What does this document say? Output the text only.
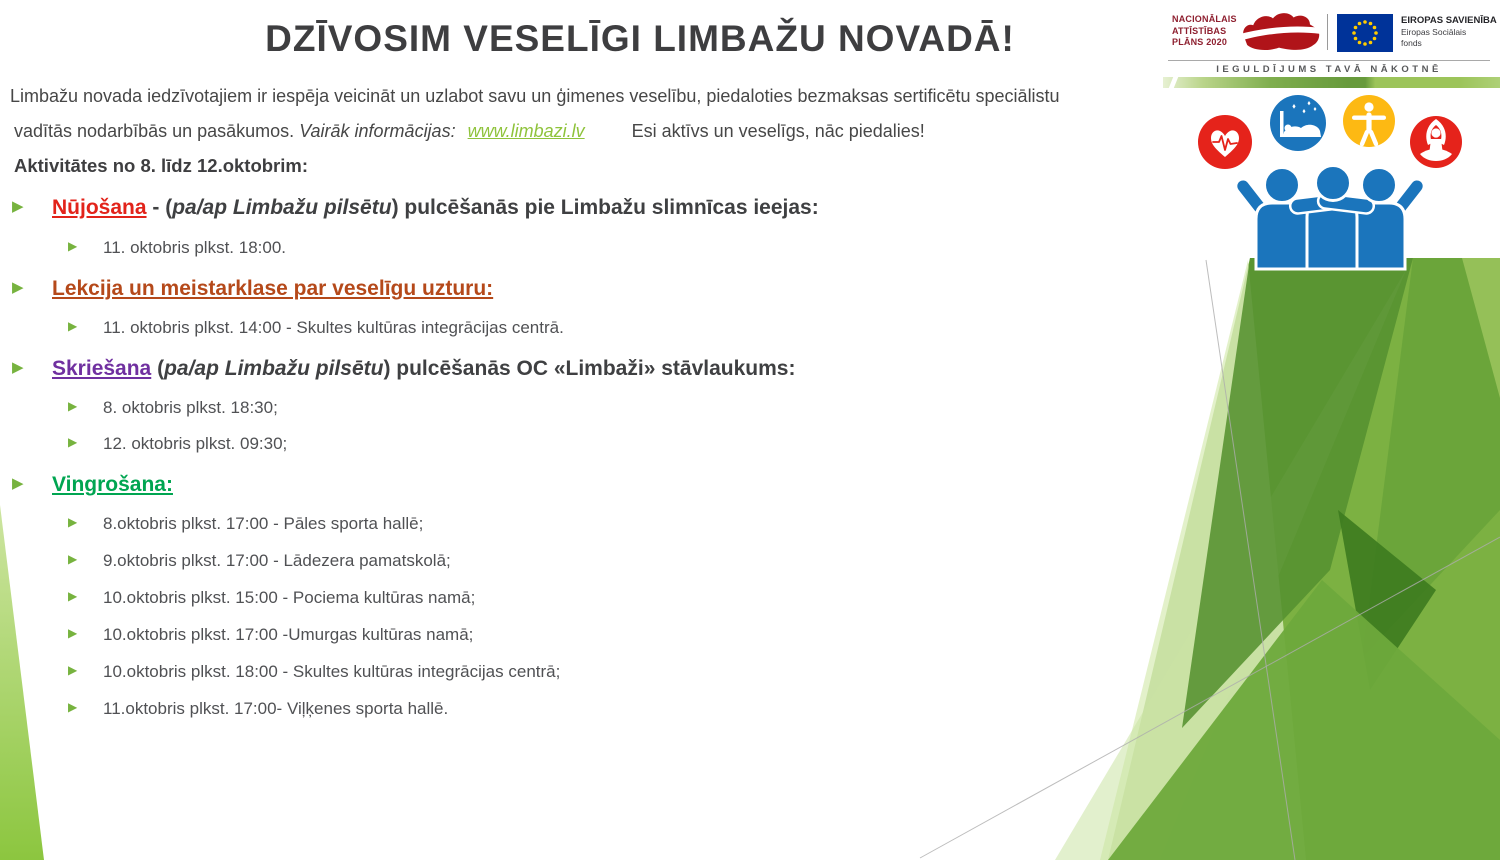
DZĪVOSIM VESELĪGI LIMBAŽU NOVADĀ!
Limbažu novada iedzīvotajiem ir iespēja veicināt un uzlabot savu un ģimenes veselību, piedaloties bezmaksas sertificētu speciālistu
vadītās nodarbībās un pasākumos. Vairāk informācijas: www.limbazi.lv	Esi aktīvs un veselīgs, nāc piedalies!
Aktivitātes no 8. līdz 12.oktobrim:
▶ Nūjošana - (pa/ap Limbažu pilsētu) pulcēšanās pie Limbažu slimnīcas ieejas:
▶ 11. oktobris plkst. 18:00.
▶ Lekcija un meistarklase par veselīgu uzturu:
▶ 11. oktobris plkst. 14:00 - Skultes kultūras integrācijas centrā.
▶ Skriešana (pa/ap Limbažu pilsētu) pulcēšanās OC «Limbaži» stāvlaukums:
▶ 8. oktobris plkst. 18:30;
▶ 12. oktobris plkst. 09:30;
▶ Vingrošana:
▶ 8.oktobris plkst. 17:00 - Pāles sporta hallē;
▶ 9.oktobris plkst. 17:00 - Lādezera pamatskolā;
▶ 10.oktobris plkst. 15:00 - Pociema kultūras namā;
▶ 10.oktobris plkst. 17:00 -Umurgas kultūras namā;
▶ 10.oktobris plkst. 18:00 - Skultes kultūras integrācijas centrā;
▶ 11.oktobris plkst. 17:00- Viļķenes sporta hallē.
NACIONĀLAIS
ATTĪSTĪBAS
PLĀNS 2020
EIROPAS SAVIENĪBA
Eiropas Sociālais
fonds
IEGULDĪJUMS TAVĀ NĀKOTNĒ
